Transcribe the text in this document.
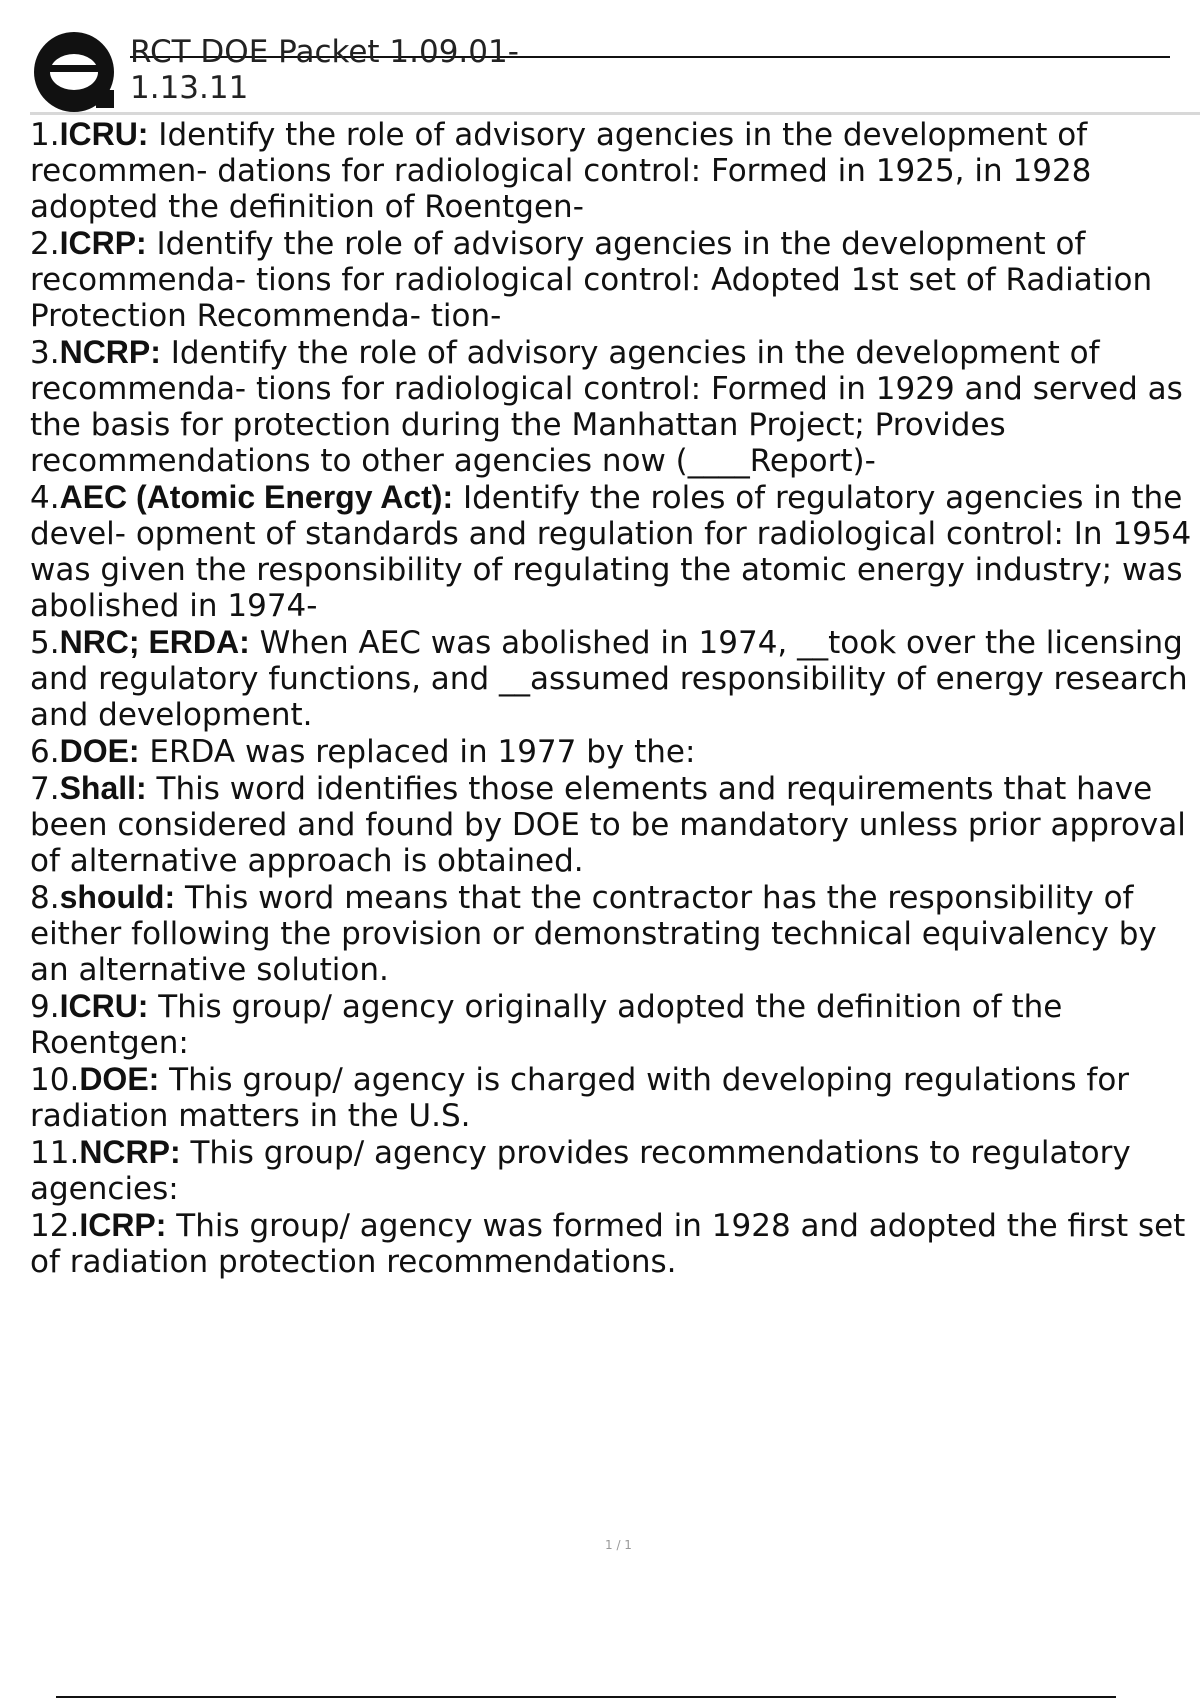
RCT DOE Packet 1.09.01-1.13.11

1.ICRU: Identify the role of advisory agencies in the development of recommen- dations for radiological control: Formed in 1925, in 1928 adopted the definition of Roentgen-

2.ICRP: Identify the role of advisory agencies in the development of recommenda- tions for radiological control: Adopted 1st set of Radiation Protection Recommenda- tion-

3.NCRP: Identify the role of advisory agencies in the development of recommenda- tions for radiological control: Formed in 1929 and served as the basis for protection during the Manhattan Project; Provides recommendations to other agencies now (____Report)-

4.AEC (Atomic Energy Act): Identify the roles of regulatory agencies in the devel- opment of standards and regulation for radiological control: In 1954 was given the responsibility of regulating the atomic energy industry; was abolished in 1974-

5.NRC; ERDA: When AEC was abolished in 1974, __took over the licensing and regulatory functions, and __assumed responsibility of energy research and development.

6.DOE: ERDA was replaced in 1977 by the:

7.Shall: This word identifies those elements and requirements that have been considered and found by DOE to be mandatory unless prior approval of alternative approach is obtained.

8.should: This word means that the contractor has the responsibility of either following the provision or demonstrating technical equivalency by an alternative solution.

9.ICRU: This group/ agency originally adopted the definition of the Roentgen:

10.DOE: This group/ agency is charged with developing regulations for radiation matters in the U.S.

11.NCRP: This group/ agency provides recommendations to regulatory agencies:

12.ICRP: This group/ agency was formed in 1928 and adopted the first set of radiation protection recommendations.

1 / 1
